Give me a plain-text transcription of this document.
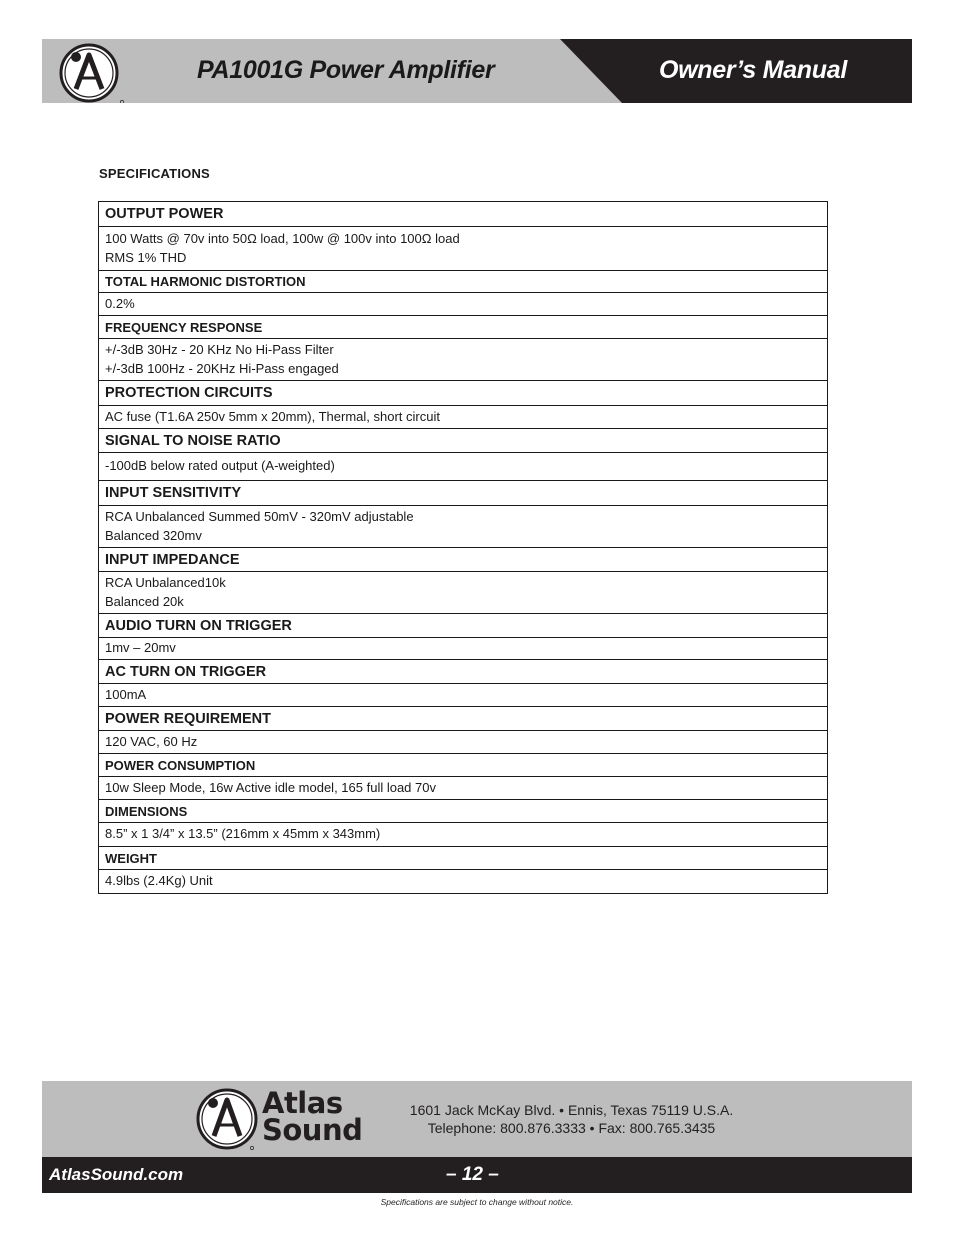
PA1001G Power Amplifier	Owner’s Manual
SPECIFICATIONS
OUTPUT POWER
100 Watts @ 70v into 50Ω load, 100w @ 100v into 100Ω load
RMS 1% THD
TOTAL HARMONIC DISTORTION
0.2%
FREQUENCY RESPONSE
+/-3dB 30Hz - 20 KHz No Hi-Pass Filter
+/-3dB 100Hz - 20KHz Hi-Pass engaged
PROTECTION CIRCUITS
AC fuse (T1.6A 250v 5mm x 20mm), Thermal, short circuit
SIGNAL TO NOISE RATIO
-100dB below rated output (A-weighted)
INPUT SENSITIVITY
RCA Unbalanced Summed 50mV - 320mV adjustable
Balanced 320mv
INPUT IMPEDANCE
RCA Unbalanced10k
Balanced 20k
AUDIO TURN ON TRIGGER
1mv – 20mv
AC TURN ON TRIGGER
100mA
POWER REQUIREMENT
120 VAC, 60 Hz
POWER CONSUMPTION
10w Sleep Mode, 16w Active idle model, 165 full load 70v
DIMENSIONS
8.5” x 1 3/4” x 13.5” (216mm x 45mm x 343mm)
WEIGHT
4.9lbs (2.4Kg) Unit
Atlas
Sound
1601 Jack McKay Blvd. • Ennis, Texas 75119 U.S.A.
Telephone: 800.876.3333 • Fax: 800.765.3435
AtlasSound.com	– 12 –
Specifications are subject to change without notice.
